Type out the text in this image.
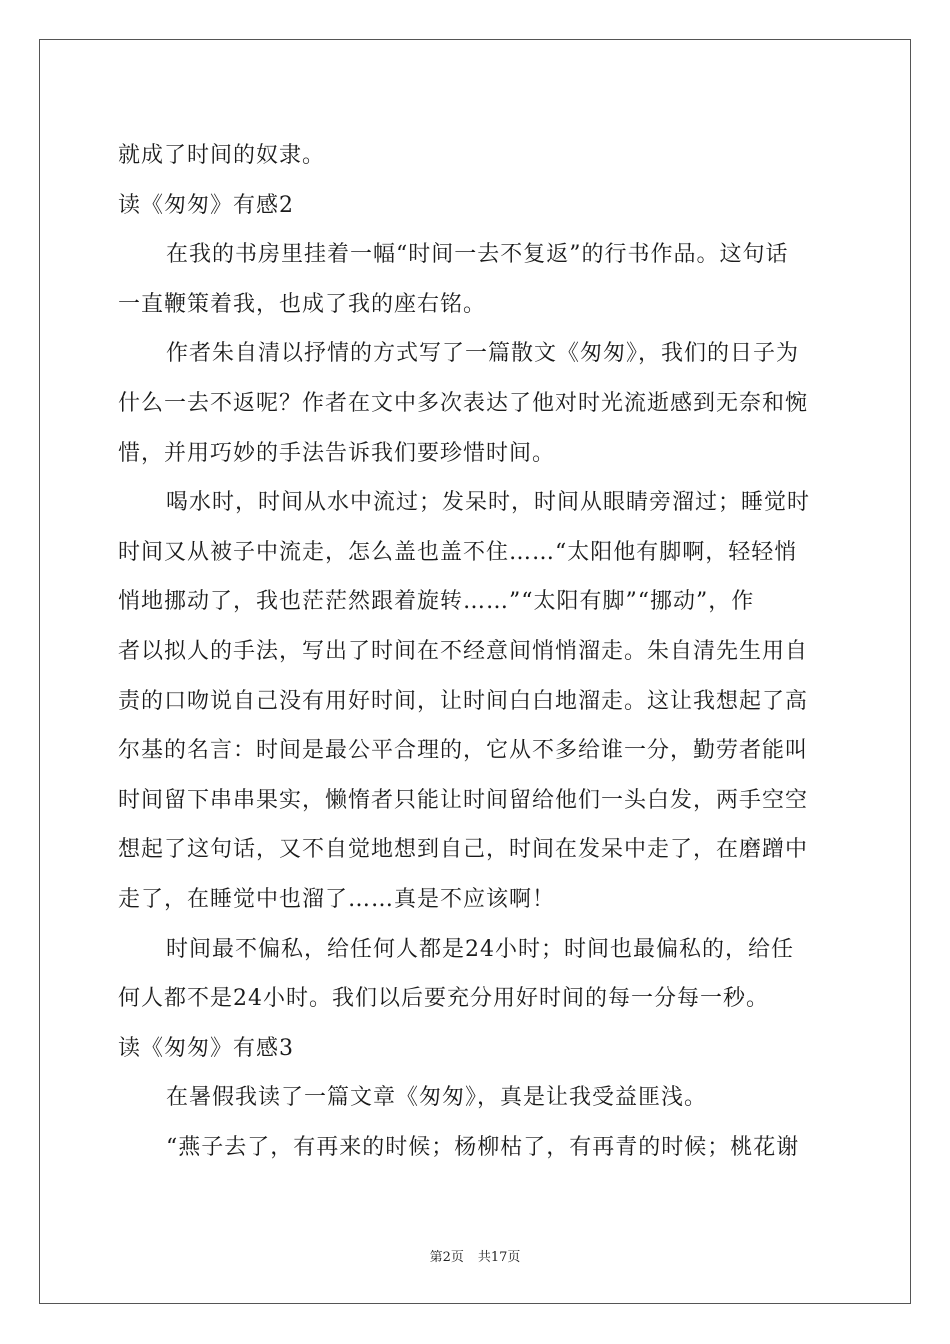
就成了时间的奴隶。
读《匆匆》有感2
在我的书房里挂着一幅“时间一去不复返”的行书作品。这句话
一直鞭策着我，也成了我的座右铭。
作者朱自清以抒情的方式写了一篇散文《匆匆》，我们的日子为
什么一去不返呢？作者在文中多次表达了他对时光流逝感到无奈和惋
惜，并用巧妙的手法告诉我们要珍惜时间。
喝水时，时间从水中流过；发呆时，时间从眼睛旁溜过；睡觉时
时间又从被子中流走，怎么盖也盖不住……“太阳他有脚啊，轻轻悄
悄地挪动了，我也茫茫然跟着旋转……”“太阳有脚”“挪动”，作
者以拟人的手法，写出了时间在不经意间悄悄溜走。朱自清先生用自
责的口吻说自己没有用好时间，让时间白白地溜走。这让我想起了高
尔基的名言：时间是最公平合理的，它从不多给谁一分，勤劳者能叫
时间留下串串果实，懒惰者只能让时间留给他们一头白发，两手空空
想起了这句话，又不自觉地想到自己，时间在发呆中走了，在磨蹭中
走了，在睡觉中也溜了……真是不应该啊！
时间最不偏私，给任何人都是24小时；时间也最偏私的，给任
何人都不是24小时。我们以后要充分用好时间的每一分每一秒。
读《匆匆》有感3
在暑假我读了一篇文章《匆匆》，真是让我受益匪浅。
“燕子去了，有再来的时候；杨柳枯了，有再青的时候；桃花谢
第2页 共17页
